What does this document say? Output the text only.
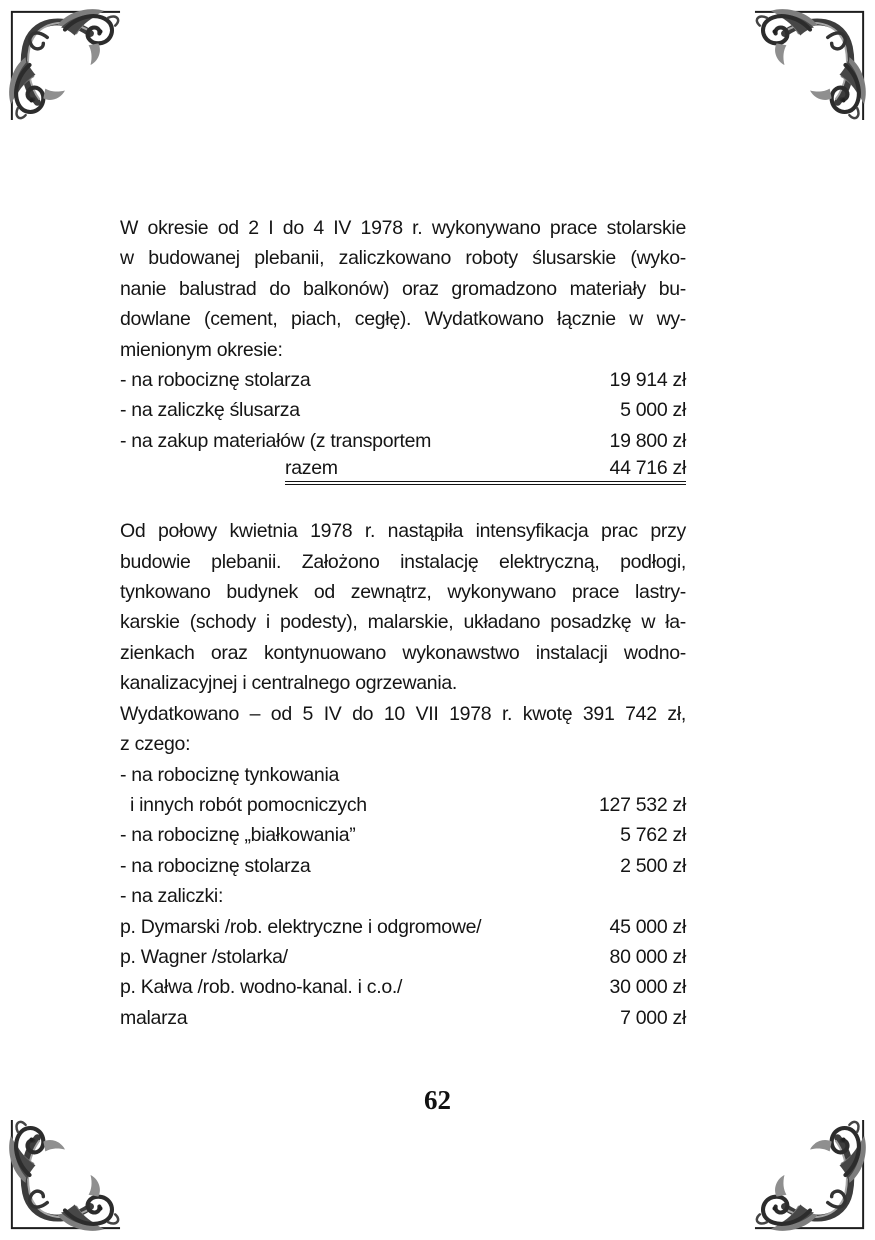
W okresie od 2 I do 4 IV 1978 r. wykonywano prace stolarskie
w budowanej plebanii, zaliczkowano roboty ślusarskie (wyko-
nanie balustrad do balkonów) oraz gromadzono materiały bu-
dowlane (cement, piach, cegłę). Wydatkowano łącznie w wy-
mienionym okresie:
- na robociznę stolarza	19 914 zł
- na zaliczkę ślusarza	5 000 zł
- na zakup materiałów (z transportem	19 800 zł
razem	44 716 zł
Od połowy kwietnia 1978 r. nastąpiła intensyfikacja prac przy
budowie plebanii. Założono instalację elektryczną, podłogi,
tynkowano budynek od zewnątrz, wykonywano prace lastry-
karskie (schody i podesty), malarskie, układano posadzkę w ła-
zienkach oraz kontynuowano wykonawstwo instalacji wodno-
kanalizacyjnej i centralnego ogrzewania.
Wydatkowano – od 5 IV do 10 VII 1978 r. kwotę 391 742 zł,
z czego:
- na robociznę tynkowania
i innych robót pomocniczych	127 532 zł
- na robociznę „białkowania”	5 762 zł
- na robociznę stolarza	2 500 zł
- na zaliczki:
p. Dymarski /rob. elektryczne i odgromowe/	45 000 zł
p. Wagner /stolarka/	80 000 zł
p. Kałwa /rob. wodno-kanal. i c.o./	30 000 zł
malarza	7 000 zł
62
